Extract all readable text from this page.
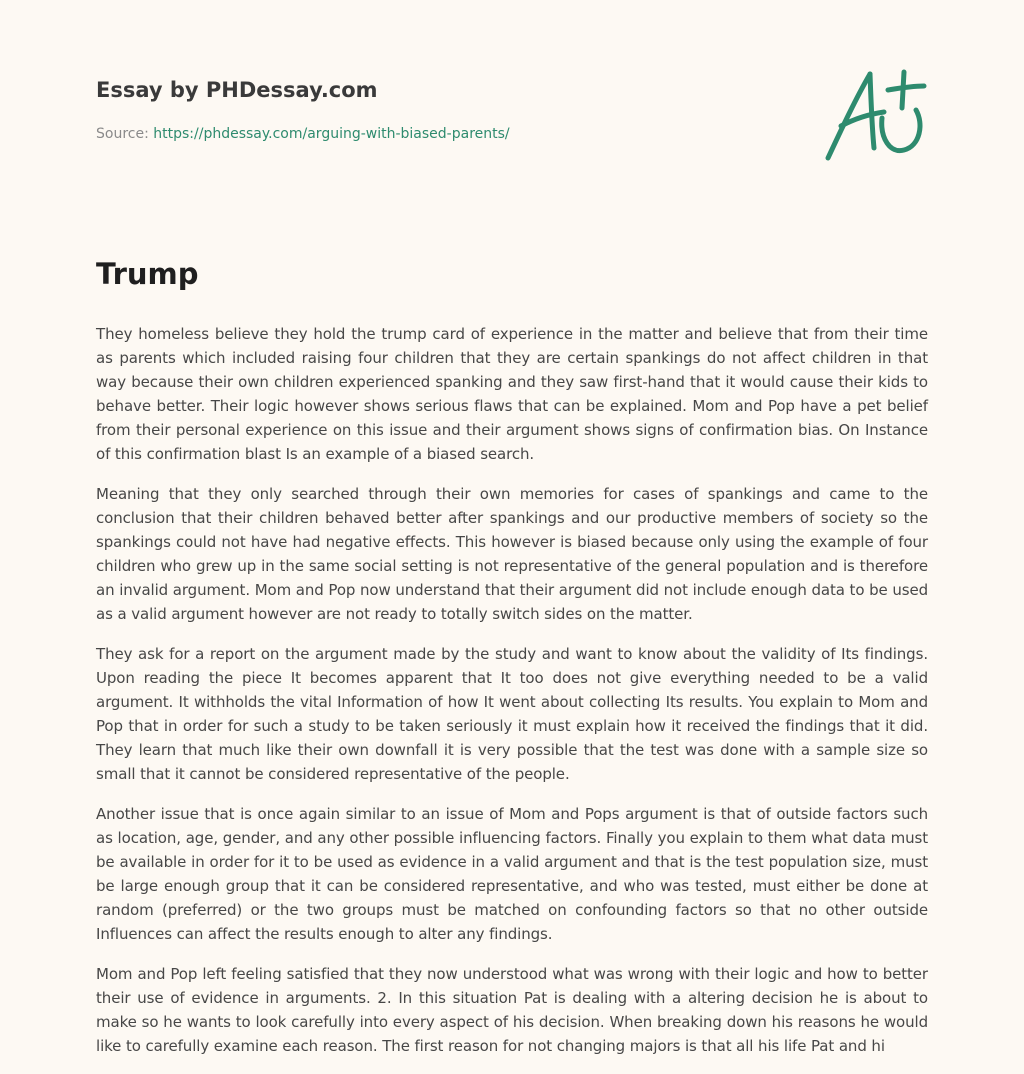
Essay by PHDessay.com
Source: https://phdessay.com/arguing-with-biased-parents/
Trump

They homeless believe they hold the trump card of experience in the matter and believe that from their time as parents which included raising four children that they are certain spankings do not affect children in that way because their own children experienced spanking and they saw first-hand that it would cause their kids to behave better. Their logic however shows serious flaws that can be explained. Mom and Pop have a pet belief from their personal experience on this issue and their argument shows signs of confirmation bias. On Instance of this confirmation blast Is an example of a biased search.

Meaning that they only searched through their own memories for cases of spankings and came to the conclusion that their children behaved better after spankings and our productive members of society so the spankings could not have had negative effects. This however is biased because only using the example of four children who grew up in the same social setting is not representative of the general population and is therefore an invalid argument. Mom and Pop now understand that their argument did not include enough data to be used as a valid argument however are not ready to totally switch sides on the matter.

They ask for a report on the argument made by the study and want to know about the validity of Its findings. Upon reading the piece It becomes apparent that It too does not give everything needed to be a valid argument. It withholds the vital Information of how It went about collecting Its results. You explain to Mom and Pop that in order for such a study to be taken seriously it must explain how it received the findings that it did. They learn that much like their own downfall it is very possible that the test was done with a sample size so small that it cannot be considered representative of the people.

Another issue that is once again similar to an issue of Mom and Pops argument is that of outside factors such as location, age, gender, and any other possible influencing factors. Finally you explain to them what data must be available in order for it to be used as evidence in a valid argument and that is the test population size, must be large enough group that it can be considered representative, and who was tested, must either be done at random (preferred) or the two groups must be matched on confounding factors so that no other outside Influences can affect the results enough to alter any findings.

Mom and Pop left feeling satisfied that they now understood what was wrong with their logic and how to better their use of evidence in arguments. 2. In this situation Pat is dealing with a altering decision he is about to make so he wants to look carefully into every aspect of his decision. When breaking down his reasons he would like to carefully examine each reason. The first reason for not changing majors is that all his life Pat and hi
